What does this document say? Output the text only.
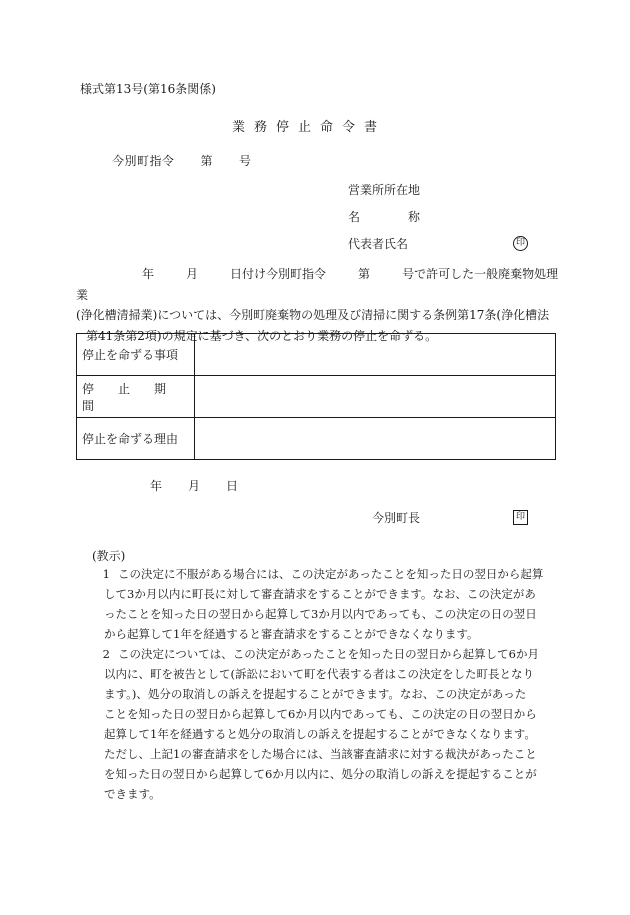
様式第13号(第16条関係)
業務停止命令書
今別町指令 第 号
営業所所在地
名　　　　称
代表者氏名	印
年	月	日付け今別町指令	第	号で許可した一般廃棄物処理業
(浄化槽清掃業)については、今別町廃棄物の処理及び清掃に関する条例第17条(浄化槽法
第41条第2項)の規定に基づき、次のとおり業務の停止を命ずる。
停止を命ずる事項	
停　　止　　期　　間	
停止を命ずる理由	
年 月 日
今別町長	印
(教示)
1 この決定に不服がある場合には、この決定があったことを知った日の翌日から起算
して3か月以内に町長に対して審査請求をすることができます。なお、この決定があ
ったことを知った日の翌日から起算して3か月以内であっても、この決定の日の翌日
から起算して1年を経過すると審査請求をすることができなくなります。
2 この決定については、この決定があったことを知った日の翌日から起算して6か月
以内に、町を被告として(訴訟において町を代表する者はこの決定をした町長となり
ます。)、処分の取消しの訴えを提起することができます。なお、この決定があった
ことを知った日の翌日から起算して6か月以内であっても、この決定の日の翌日から
起算して1年を経過すると処分の取消しの訴えを提起することができなくなります。
ただし、上記1の審査請求をした場合には、当該審査請求に対する裁決があったこと
を知った日の翌日から起算して6か月以内に、処分の取消しの訴えを提起することが
できます。
